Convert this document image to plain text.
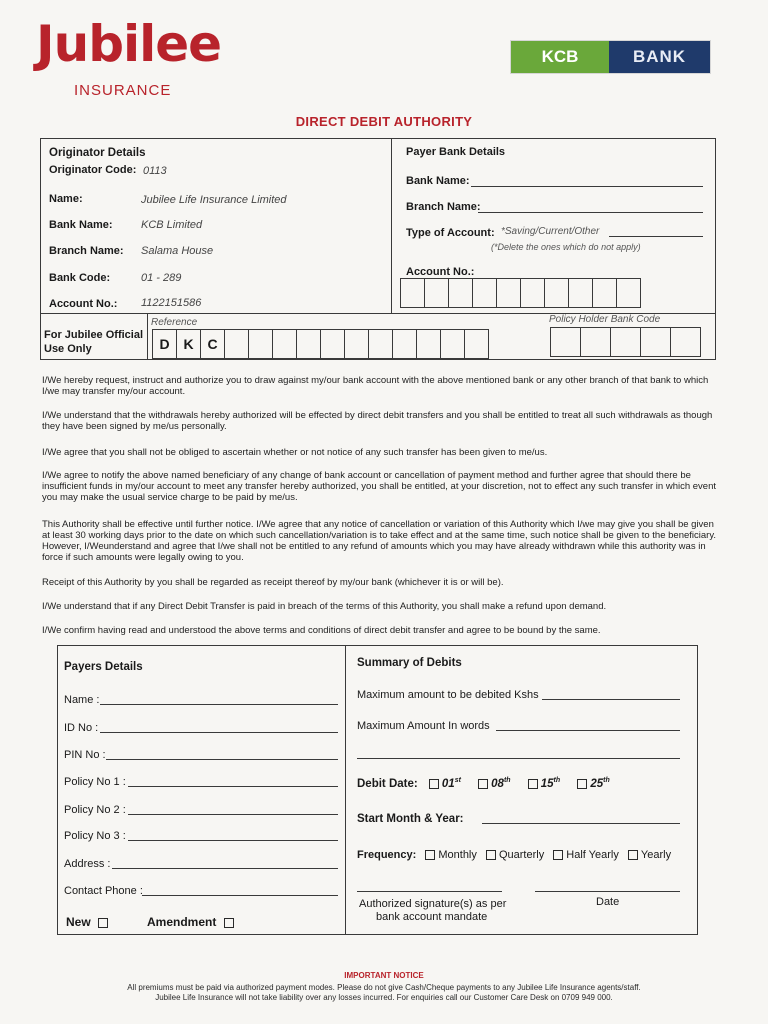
Jubilee
INSURANCE
KCB	BANK
DIRECT DEBIT AUTHORITY
Originator Details
Originator Code: 0113
Name:	Jubilee Life Insurance Limited
Bank Name:	KCB Limited
Branch Name: Salama House
Bank Code:	01 - 289
Account No.: 1122151586
Payer Bank Details
Bank Name:
Branch Name:
Type of Account: *Saving/Current/Other
(*Delete the ones which do not apply)
Account No.:
For Jubilee Official
Use Only
Reference
D K C
Policy Holder Bank Code
I/We hereby request, instruct and authorize you to draw against my/our bank account with the above mentioned bank or any other branch of that bank to which I/we may transfer my/our account.
I/We understand that the withdrawals hereby authorized will be effected by direct debit transfers and you shall be entitled to treat all such withdrawals as though they have been signed by me/us personally.
I/We agree that you shall not be obliged to ascertain whether or not notice of any such transfer has been given to me/us.
I/We agree to notify the above named beneficiary of any change of bank account or cancellation of payment method and further agree that should there be insufficient funds in my/our account to meet any transfer hereby authorized, you shall be entitled, at your discretion, not to effect any such transfer in which event you may make the usual service charge to be paid by me/us.
This Authority shall be effective until further notice. I/We agree that any notice of cancellation or variation of this Authority which I/we may give you shall be given at least 30 working days prior to the date on which such cancellation/variation is to take effect and at the same time, such notice shall be given to the beneficiary. However, I/Weunderstand and agree that I/we shall not be entitled to any refund of amounts which you may have already withdrawn while this authority was in force if such amounts were legally owing to you.
Receipt of this Authority by you shall be regarded as receipt thereof by my/our bank (whichever it is or will be).
I/We understand that if any Direct Debit Transfer is paid in breach of the terms of this Authority, you shall make a refund upon demand.
I/We confirm having read and understood the above terms and conditions of direct debit transfer and agree to be bound by the same.
Payers Details
Name :
ID No :
PIN No :
Policy No 1 :
Policy No 2 :
Policy No 3 :
Address :
Contact Phone :
New	Amendment
Summary of Debits
Maximum amount to be debited Kshs
Maximum Amount In words
Debit Date: 01st	08th	15th	25th
Start Month & Year:
Frequency: Monthly Quarterly Half Yearly Yearly
Authorized signature(s) as per
bank account mandate
Date
IMPORTANT NOTICE
All premiums must be paid via authorized payment modes. Please do not give Cash/Cheque payments to any Jubilee Life Insurance agents/staff.
Jubilee Life Insurance will not take liability over any losses incurred. For enquiries call our Customer Care Desk on 0709 949 000.
